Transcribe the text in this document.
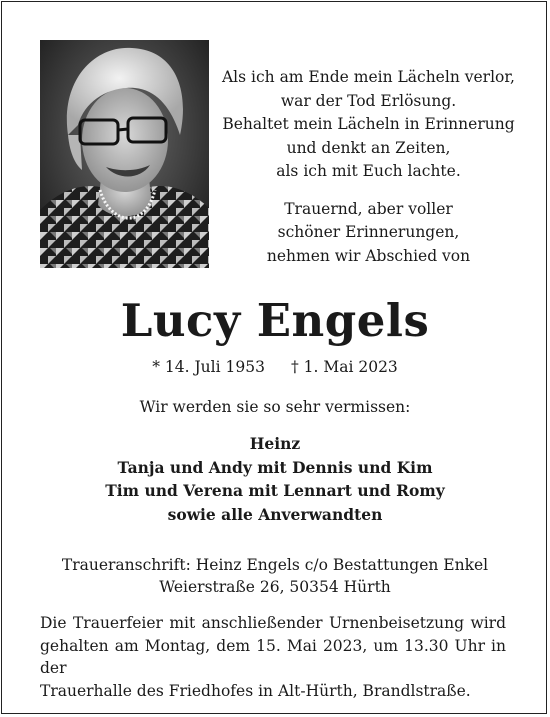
Als ich am Ende mein Lächeln verlor,
war der Tod Erlösung.
Behaltet mein Lächeln in Erinnerung
und denkt an Zeiten,
als ich mit Euch lachte.
Trauernd, aber voller
schöner Erinnerungen,
nehmen wir Abschied von
Lucy Engels
* 14. Juli 1953 † 1. Mai 2023
Wir werden sie so sehr vermissen:
Heinz
Tanja und Andy mit Dennis und Kim
Tim und Verena mit Lennart und Romy
sowie alle Anverwandten
Traueranschrift: Heinz Engels c/o Bestattungen Enkel
Weierstraße 26, 50354 Hürth
Die Trauerfeier mit anschließender Urnenbeisetzung wird
gehalten am Montag, dem 15. Mai 2023, um 13.30 Uhr in der
Trauerhalle des Friedhofes in Alt-Hürth, Brandlstraße.
